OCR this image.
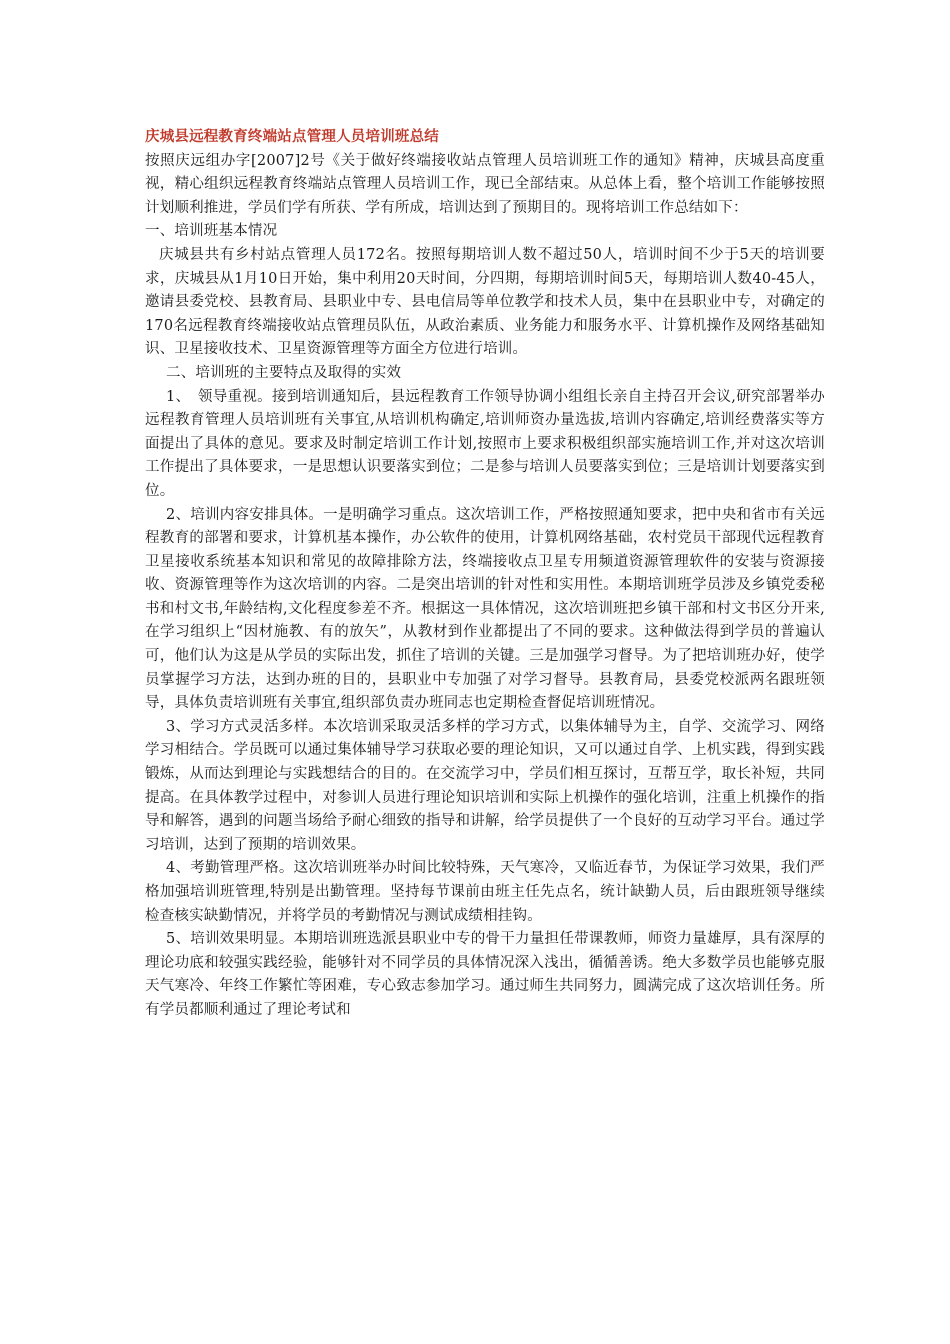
庆城县远程教育终端站点管理人员培训班总结

按照庆远组办字[2007]2号《关于做好终端接收站点管理人员培训班工作的通知》精神，庆城县高度重视，精心组织远程教育终端站点管理人员培训工作，现已全部结束。从总体上看，整个培训工作能够按照计划顺利推进，学员们学有所获、学有所成，培训达到了预期目的。现将培训工作总结如下：

一、培训班基本情况

庆城县共有乡村站点管理人员172名。按照每期培训人数不超过50人，培训时间不少于5天的培训要求，庆城县从1月10日开始，集中利用20天时间，分四期，每期培训时间5天，每期培训人数40-45人，邀请县委党校、县教育局、县职业中专、县电信局等单位教学和技术人员，集中在县职业中专，对确定的170名远程教育终端接收站点管理员队伍，从政治素质、业务能力和服务水平、计算机操作及网络基础知识、卫星接收技术、卫星资源管理等方面全方位进行培训。

二、培训班的主要特点及取得的实效

1、　领导重视。接到培训通知后，县远程教育工作领导协调小组组长亲自主持召开会议,研究部署举办远程教育管理人员培训班有关事宜,从培训机构确定,培训师资办量选拔,培训内容确定,培训经费落实等方面提出了具体的意见。要求及时制定培训工作计划,按照市上要求积极组织部实施培训工作,并对这次培训工作提出了具体要求，一是思想认识要落实到位；二是参与培训人员要落实到位；三是培训计划要落实到位。

2、培训内容安排具体。一是明确学习重点。这次培训工作，严格按照通知要求，把中央和省市有关远程教育的部署和要求，计算机基本操作，办公软件的使用，计算机网络基础，农村党员干部现代远程教育卫星接收系统基本知识和常见的故障排除方法，终端接收点卫星专用频道资源管理软件的安装与资源接收、资源管理等作为这次培训的内容。二是突出培训的针对性和实用性。本期培训班学员涉及乡镇党委秘书和村文书,年龄结构,文化程度参差不齐。根据这一具体情况，这次培训班把乡镇干部和村文书区分开来,在学习组织上“因材施教、有的放矢”，从教材到作业都提出了不同的要求。这种做法得到学员的普遍认可，他们认为这是从学员的实际出发，抓住了培训的关键。三是加强学习督导。为了把培训班办好，使学员掌握学习方法，达到办班的目的，县职业中专加强了对学习督导。县教育局，县委党校派两名跟班领导，具体负责培训班有关事宜,组织部负责办班同志也定期检查督促培训班情况。

3、学习方式灵活多样。本次培训采取灵活多样的学习方式，以集体辅导为主，自学、交流学习、网络学习相结合。学员既可以通过集体辅导学习获取必要的理论知识，又可以通过自学、上机实践，得到实践锻炼，从而达到理论与实践想结合的目的。在交流学习中，学员们相互探讨，互帮互学，取长补短，共同提高。在具体教学过程中，对参训人员进行理论知识培训和实际上机操作的强化培训，注重上机操作的指导和解答，遇到的问题当场给予耐心细致的指导和讲解，给学员提供了一个良好的互动学习平台。通过学习培训，达到了预期的培训效果。

4、考勤管理严格。这次培训班举办时间比较特殊，天气寒冷，又临近春节，为保证学习效果，我们严格加强培训班管理,特别是出勤管理。坚持每节课前由班主任先点名，统计缺勤人员，后由跟班领导继续检查核实缺勤情况，并将学员的考勤情况与测试成绩相挂钩。

5、培训效果明显。本期培训班选派县职业中专的骨干力量担任带课教师，师资力量雄厚，具有深厚的理论功底和较强实践经验，能够针对不同学员的具体情况深入浅出，循循善诱。绝大多数学员也能够克服天气寒冷、年终工作繁忙等困难，专心致志参加学习。通过师生共同努力，圆满完成了这次培训任务。所有学员都顺利通过了理论考试和
